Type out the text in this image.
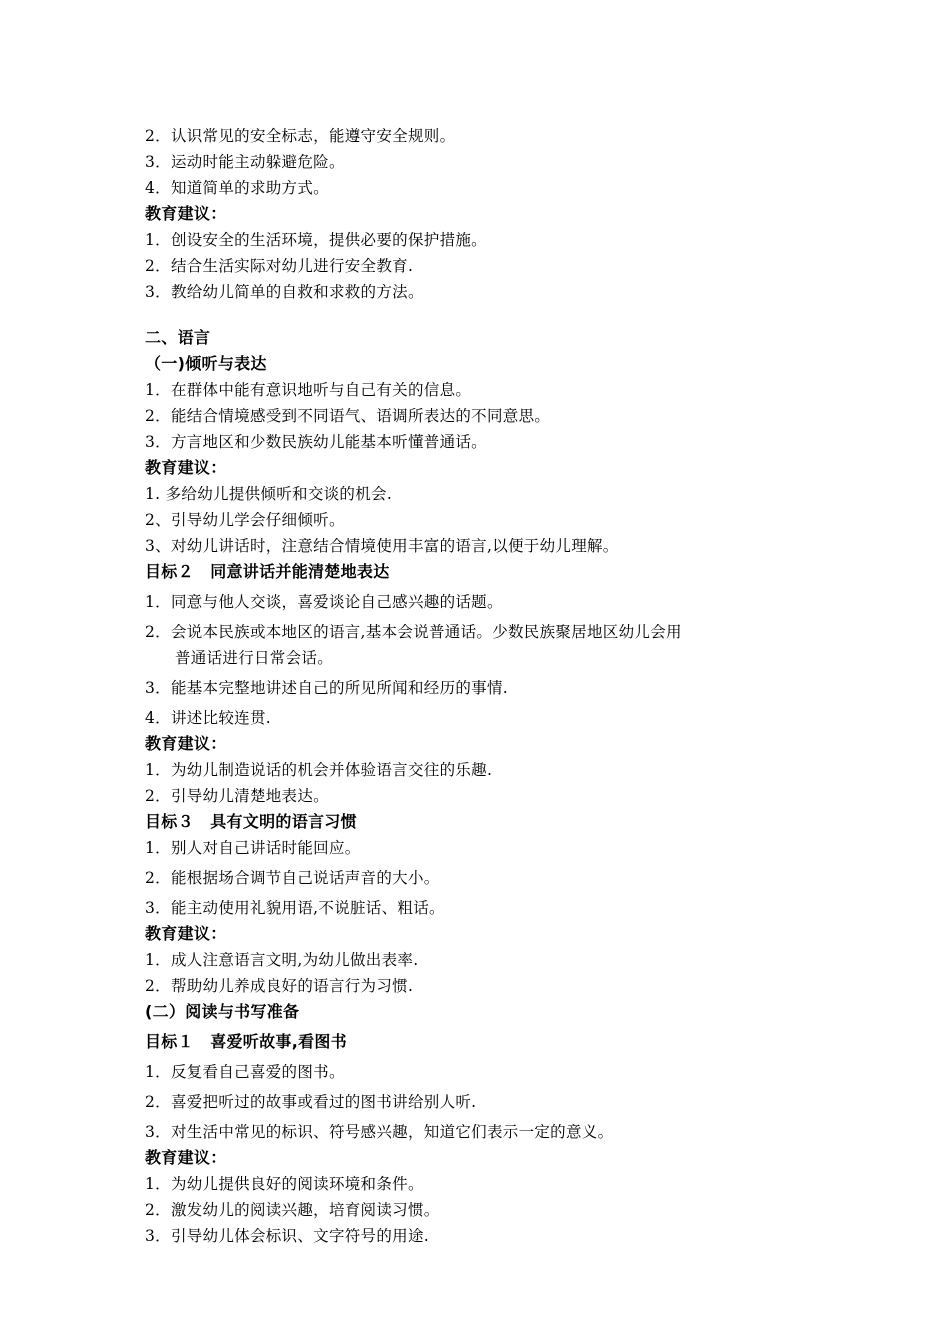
2．认识常见的安全标志，能遵守安全规则。
3．运动时能主动躲避危险。
4．知道简单的求助方式。
教育建议：
1．创设安全的生活环境，提供必要的保护措施。
2．结合生活实际对幼儿进行安全教育.
3．教给幼儿简单的自救和求救的方法。
二、语言
（一)倾听与表达
1．在群体中能有意识地听与自己有关的信息。
2．能结合情境感受到不同语气、语调所表达的不同意思。
3．方言地区和少数民族幼儿能基本听懂普通话。
教育建议：
1. 多给幼儿提供倾听和交谈的机会.
2、引导幼儿学会仔细倾听。
3、对幼儿讲话时，注意结合情境使用丰富的语言,以便于幼儿理解。
目标２　同意讲话并能清楚地表达
1．同意与他人交谈，喜爱谈论自己感兴趣的话题。
2．会说本民族或本地区的语言,基本会说普通话。少数民族聚居地区幼儿会用
普通话进行日常会话。
3．能基本完整地讲述自己的所见所闻和经历的事情.
4．讲述比较连贯.
教育建议：
1．为幼儿制造说话的机会并体验语言交往的乐趣.
2．引导幼儿清楚地表达。
目标３　具有文明的语言习惯
1．别人对自己讲话时能回应。
2．能根据场合调节自己说话声音的大小。
3．能主动使用礼貌用语,不说脏话、粗话。
教育建议：
1．成人注意语言文明,为幼儿做出表率.
2．帮助幼儿养成良好的语言行为习惯.
(二）阅读与书写准备
目标１　喜爱听故事,看图书
1．反复看自己喜爱的图书。
2．喜爱把听过的故事或看过的图书讲给别人听.
3．对生活中常见的标识、符号感兴趣，知道它们表示一定的意义。
教育建议：
1．为幼儿提供良好的阅读环境和条件。
2．激发幼儿的阅读兴趣，培育阅读习惯。
3．引导幼儿体会标识、文字符号的用途.
